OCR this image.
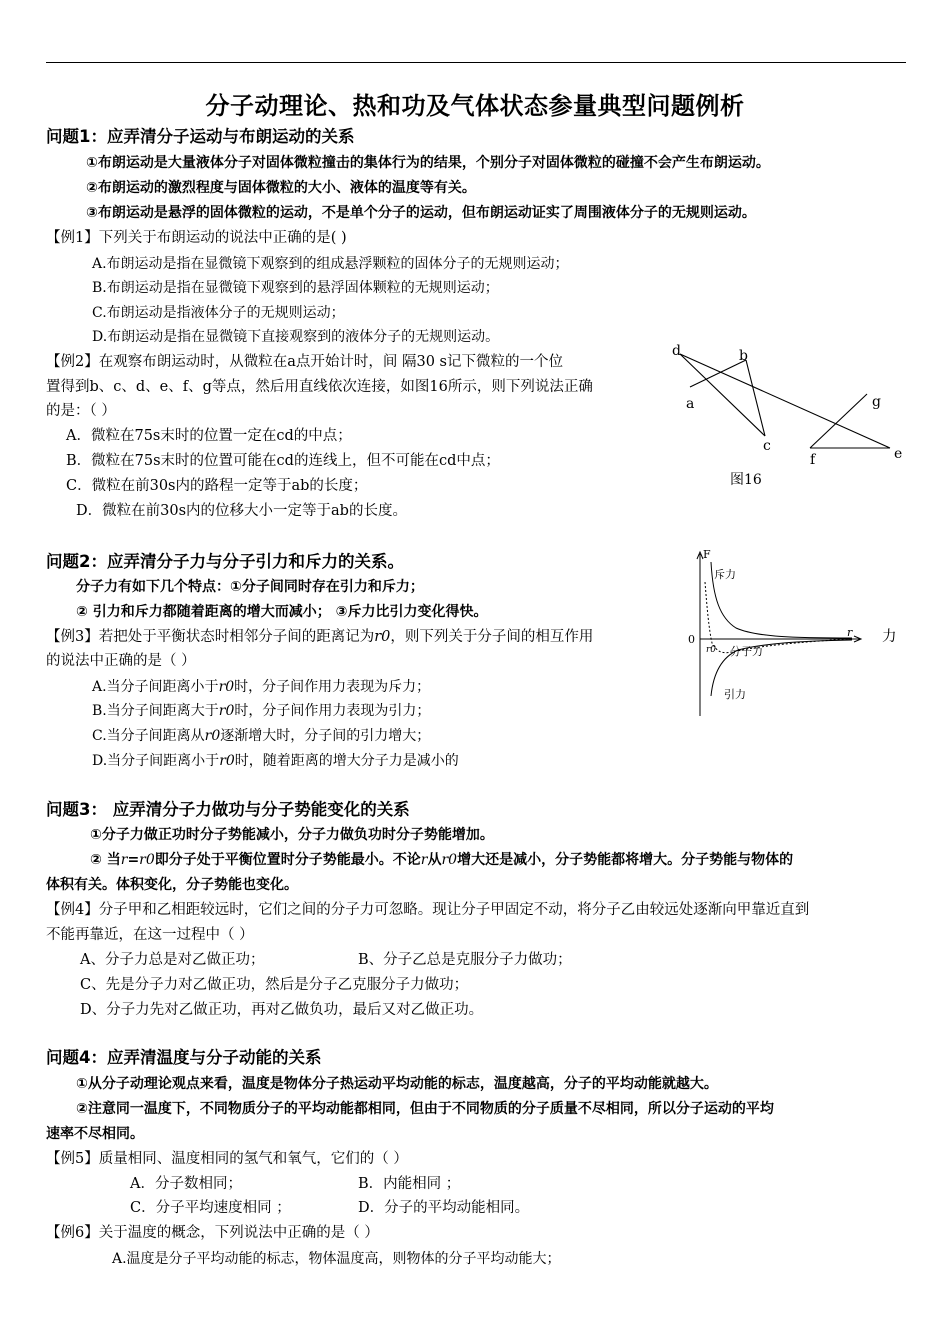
分子动理论、热和功及气体状态参量典型问题例析
问题1：应弄清分子运动与布朗运动的关系
①布朗运动是大量液体分子对固体微粒撞击的集体行为的结果，个别分子对固体微粒的碰撞不会产生布朗运动。
②布朗运动的激烈程度与固体微粒的大小、液体的温度等有关。
③布朗运动是悬浮的固体微粒的运动，不是单个分子的运动，但布朗运动证实了周围液体分子的无规则运动。
【例1】下列关于布朗运动的说法中正确的是( )
A.布朗运动是指在显微镜下观察到的组成悬浮颗粒的固体分子的无规则运动；
B.布朗运动是指在显微镜下观察到的悬浮固体颗粒的无规则运动；
C.布朗运动是指液体分子的无规则运动；
D.布朗运动是指在显微镜下直接观察到的液体分子的无规则运动。
【例2】在观察布朗运动时，从微粒在a点开始计时，间 隔30 s记下微粒的一个位
置得到b、c、d、e、f、g等点，然后用直线依次连接，如图16所示，则下列说法正确
的是：（ ）
A．微粒在75s末时的位置一定在cd的中点；
B．微粒在75s末时的位置可能在cd的连线上，但不可能在cd中点；
C．微粒在前30s内的路程一定等于ab的长度；
D．微粒在前30s内的位移大小一定等于ab的长度。
a
b
c
d
e
f
g
图16
问题2：应弄清分子力与分子引力和斥力的关系。
分子力有如下几个特点：①分子间同时存在引力和斥力；
② 引力和斥力都随着距离的增大而减小； ③斥力比引力变化得快。
【例3】若把处于平衡状态时相邻分子间的距离记为r0，则下列关于分子间的相互作用	力
的说法中正确的是（ ）
A.当分子间距离小于r0时，分子间作用力表现为斥力；
B.当分子间距离大于r0时，分子间作用力表现为引力；
C.当分子间距离从r0逐渐增大时，分子间的引力增大；
D.当分子间距离小于r0时，随着距离的增大分子力是减小的
F
0
r
r0
斥力
分子力
引力
问题3： 应弄清分子力做功与分子势能变化的关系
①分子力做正功时分子势能减小，分子力做负功时分子势能增加。
② 当r=r0即分子处于平衡位置时分子势能最小。不论r从r0增大还是减小，分子势能都将增大。分子势能与物体的
体积有关。体积变化，分子势能也变化。
【例4】分子甲和乙相距较远时，它们之间的分子力可忽略。现让分子甲固定不动，将分子乙由较远处逐渐向甲靠近直到
不能再靠近，在这一过程中（ ）
A、分子力总是对乙做正功；	B、分子乙总是克服分子力做功；
C、先是分子力对乙做正功，然后是分子乙克服分子力做功；
D、分子力先对乙做正功，再对乙做负功，最后又对乙做正功。
问题4：应弄清温度与分子动能的关系
①从分子动理论观点来看，温度是物体分子热运动平均动能的标志，温度越高，分子的平均动能就越大。
②注意同一温度下，不同物质分子的平均动能都相同，但由于不同物质的分子质量不尽相同，所以分子运动的平均
速率不尽相同。
【例5】质量相同、温度相同的氢气和氧气，它们的（ ）
A．分子数相同；	B．内能相同 ；
C．分子平均速度相同 ；	D．分子的平均动能相同。
【例6】关于温度的概念，下列说法中正确的是（ ）
A.温度是分子平均动能的标志，物体温度高，则物体的分子平均动能大；
